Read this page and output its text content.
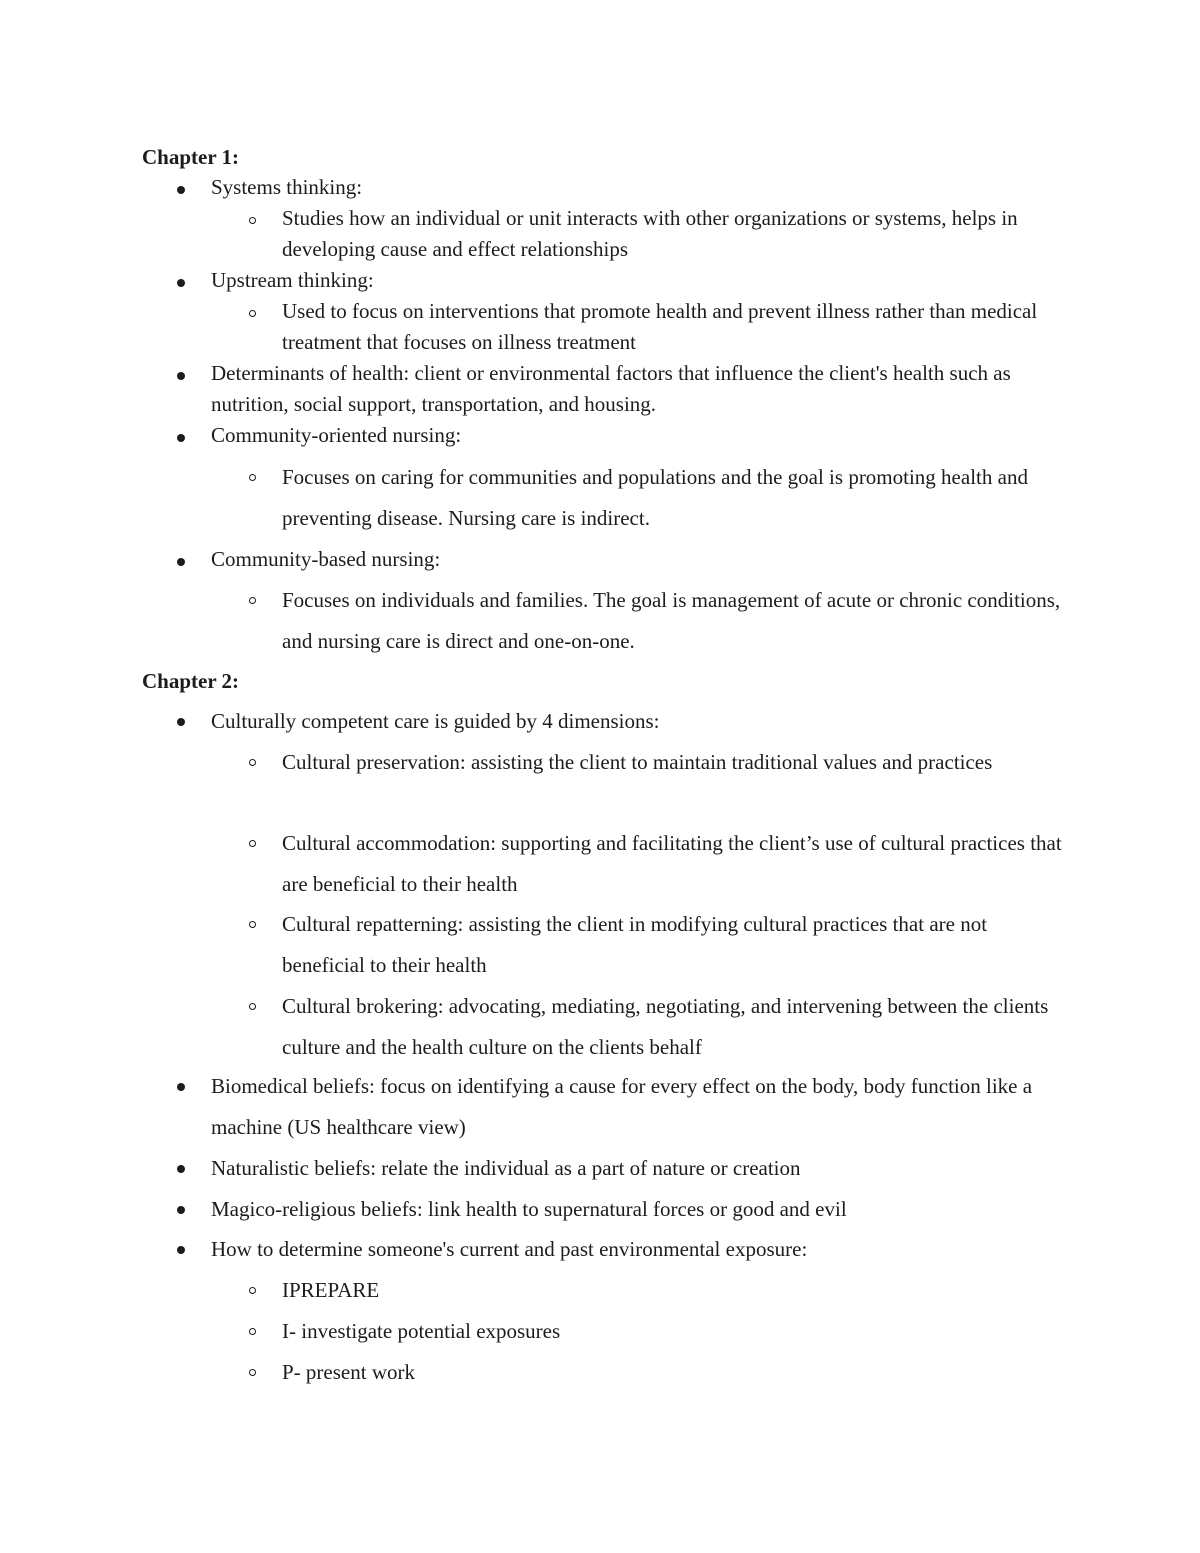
Chapter 1:
Systems thinking:
Studies how an individual or unit interacts with other organizations or systems, helps in developing cause and effect relationships
Upstream thinking:
Used to focus on interventions that promote health and prevent illness rather than medical treatment that focuses on illness treatment
Determinants of health: client or environmental factors that influence the client's health such as nutrition, social support, transportation, and housing.
Community-oriented nursing:
Focuses on caring for communities and populations and the goal is promoting health and preventing disease. Nursing care is indirect.
Community-based nursing:
Focuses on individuals and families. The goal is management of acute or chronic conditions, and nursing care is direct and one-on-one.
Chapter 2:
Culturally competent care is guided by 4 dimensions:
Cultural preservation: assisting the client to maintain traditional values and practices
Cultural accommodation: supporting and facilitating the client’s use of cultural practices that are beneficial to their health
Cultural repatterning: assisting the client in modifying cultural practices that are not beneficial to their health
Cultural brokering: advocating, mediating, negotiating, and intervening between the clients culture and the health culture on the clients behalf
Biomedical beliefs: focus on identifying a cause for every effect on the body, body function like a machine (US healthcare view)
Naturalistic beliefs: relate the individual as a part of nature or creation
Magico-religious beliefs: link health to supernatural forces or good and evil
How to determine someone's current and past environmental exposure:
IPREPARE
I- investigate potential exposures
P- present work
